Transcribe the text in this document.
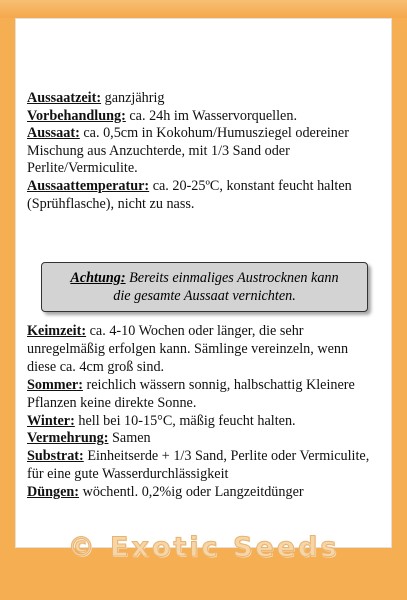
Aussaatzeit: ganzjährig

Vorbehandlung: ca. 24h im Wasservorquellen.

Aussaat: ca. 0,5cm in Kokohum/Humusziegel odereiner Mischung aus Anzuchterde, mit 1/3 Sand oder Perlite/Vermiculite.

Aussaattemperatur: ca. 20-25ºC, konstant feucht halten (Sprühflasche), nicht zu nass.

Achtung: Bereits einmaliges Austrocknen kann
die gesamte Aussaat vernichten.

Keimzeit: ca. 4-10 Wochen oder länger, die sehr unregelmäßig erfolgen kann. Sämlinge vereinzeln, wenn diese ca. 4cm groß sind.

Sommer: reichlich wässern sonnig, halbschattig Kleinere Pflanzen keine direkte Sonne.

Winter: hell bei 10-15°C, mäßig feucht halten.

Vermehrung: Samen

Substrat: Einheitserde + 1/3 Sand, Perlite oder Vermiculite, für eine gute Wasserdurchlässigkeit

Düngen: wöchentl. 0,2%ig oder Langzeitdünger

© Exotic Seeds
